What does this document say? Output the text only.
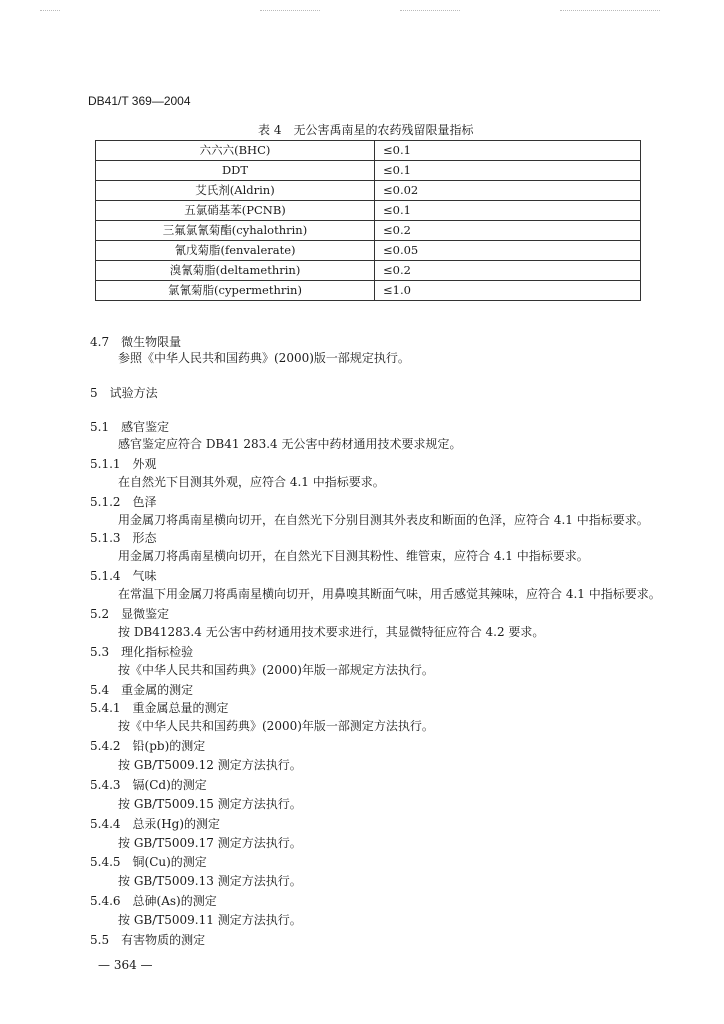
DB41/T 369—2004
表 4　无公害禹南星的农药残留限量指标
六六六(BHC)	≤0.1
DDT	≤0.1
艾氏剂(Aldrin)	≤0.02
五氯硝基苯(PCNB)	≤0.1
三氟氯氰菊酯(cyhalothrin)	≤0.2
氰戊菊脂(fenvalerate)	≤0.05
溴氰菊脂(deltamethrin)	≤0.2
氯氰菊脂(cypermethrin)	≤1.0
4.7　微生物限量
参照《中华人民共和国药典》(2000)版一部规定执行。
5　试验方法
5.1　感官鉴定
感官鉴定应符合 DB41 283.4 无公害中药材通用技术要求规定。
5.1.1　外观
在自然光下目测其外观，应符合 4.1 中指标要求。
5.1.2　色泽
用金属刀将禹南星横向切开，在自然光下分别目测其外表皮和断面的色泽，应符合 4.1 中指标要求。
5.1.3　形态
用金属刀将禹南星横向切开，在自然光下目测其粉性、维管束，应符合 4.1 中指标要求。
5.1.4　气味
在常温下用金属刀将禹南星横向切开，用鼻嗅其断面气味，用舌感觉其辣味，应符合 4.1 中指标要求。
5.2　显微鉴定
按 DB41283.4 无公害中药材通用技术要求进行，其显微特征应符合 4.2 要求。
5.3　理化指标检验
按《中华人民共和国药典》(2000)年版一部规定方法执行。
5.4　重金属的测定
5.4.1　重金属总量的测定
按《中华人民共和国药典》(2000)年版一部测定方法执行。
5.4.2　铅(pb)的测定
按 GB/T5009.12 测定方法执行。
5.4.3　镉(Cd)的测定
按 GB/T5009.15 测定方法执行。
5.4.4　总汞(Hg)的测定
按 GB/T5009.17 测定方法执行。
5.4.5　铜(Cu)的测定
按 GB/T5009.13 测定方法执行。
5.4.6　总砷(As)的测定
按 GB/T5009.11 测定方法执行。
5.5　有害物质的测定
— 364 —
